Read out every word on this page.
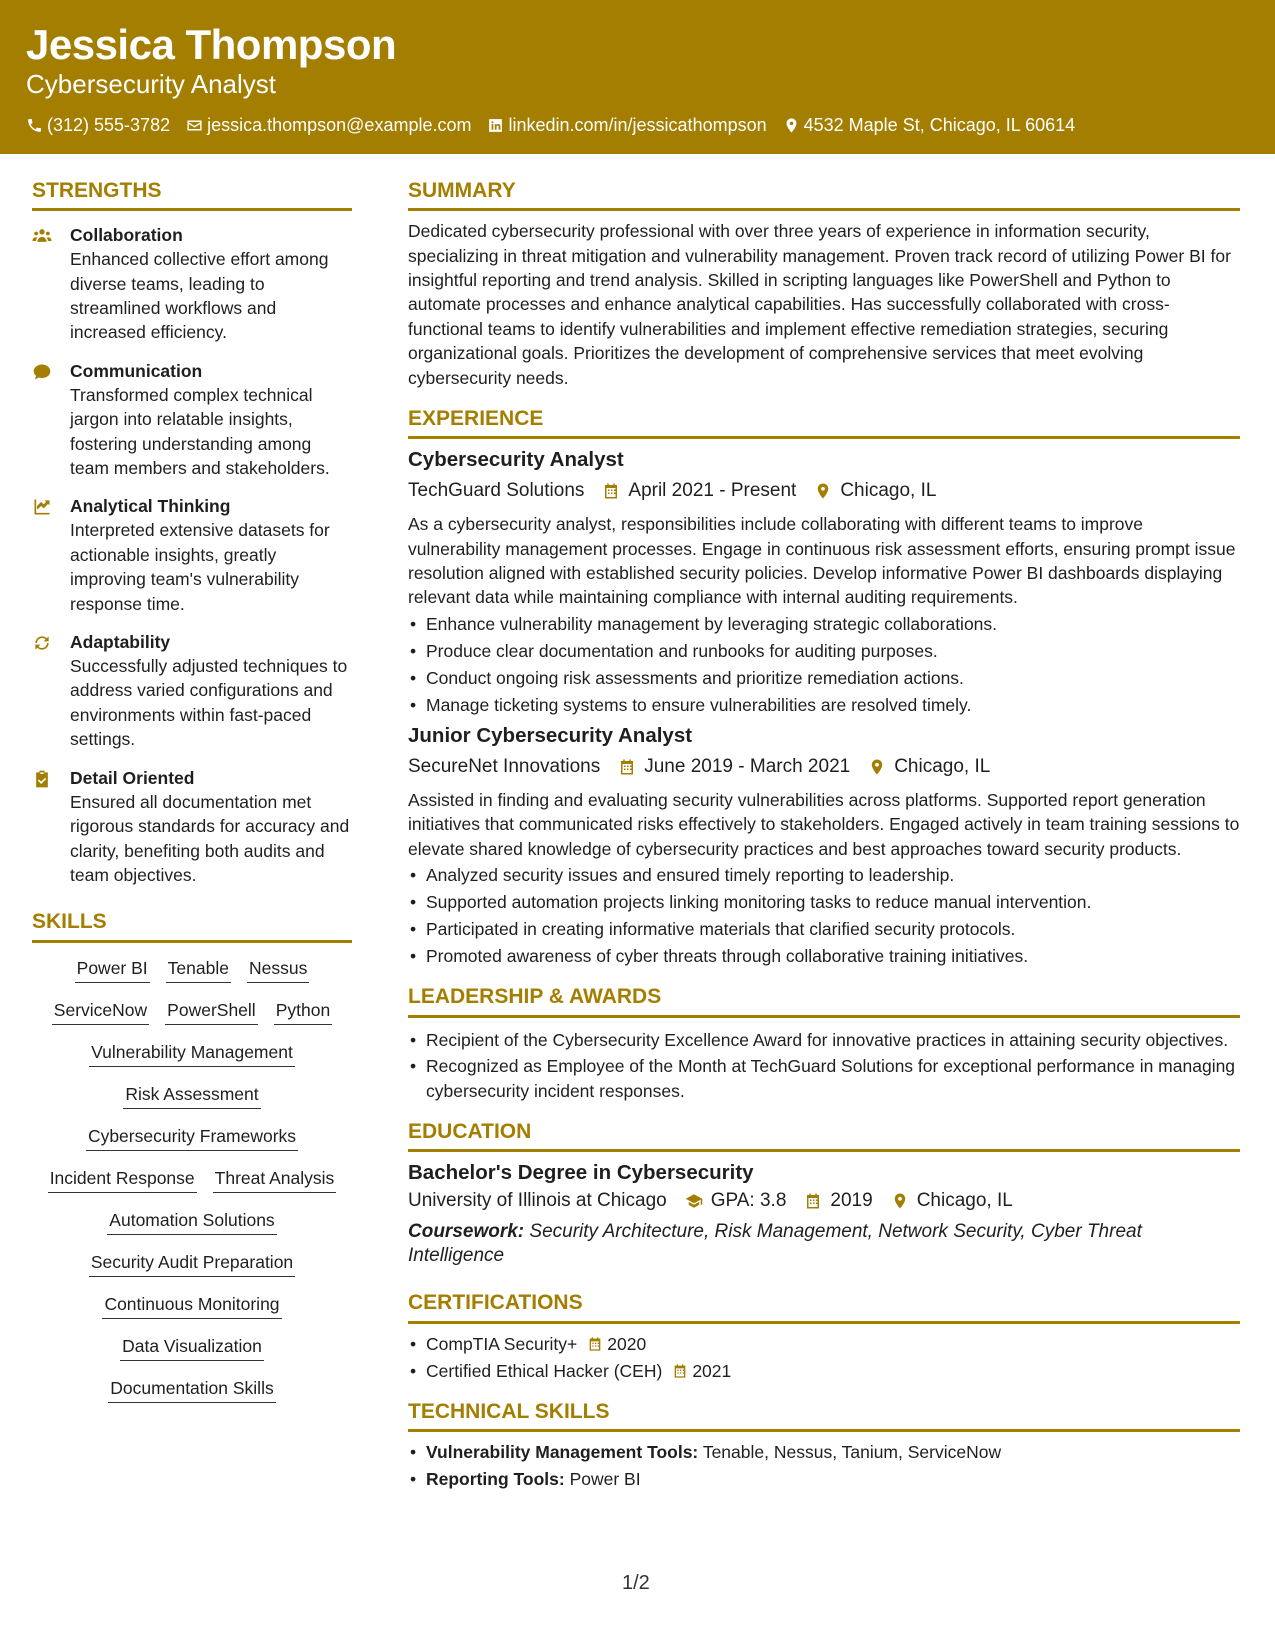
Jessica Thompson
Cybersecurity Analyst
(312) 555-3782 jessica.thompson@example.com linkedin.com/in/jessicathompson 4532 Maple St, Chicago, IL 60614
STRENGTHS
Collaboration
Enhanced collective effort among diverse teams, leading to streamlined workflows and increased efficiency.
Communication
Transformed complex technical jargon into relatable insights, fostering understanding among team members and stakeholders.
Analytical Thinking
Interpreted extensive datasets for actionable insights, greatly improving team's vulnerability response time.
Adaptability
Successfully adjusted techniques to address varied configurations and environments within fast-paced settings.
Detail Oriented
Ensured all documentation met rigorous standards for accuracy and clarity, benefiting both audits and team objectives.
SKILLS
Power BI Tenable Nessus
ServiceNow PowerShell Python
Vulnerability Management
Risk Assessment
Cybersecurity Frameworks
Incident Response Threat Analysis
Automation Solutions
Security Audit Preparation
Continuous Monitoring
Data Visualization
Documentation Skills
SUMMARY
Dedicated cybersecurity professional with over three years of experience in information security, specializing in threat mitigation and vulnerability management. Proven track record of utilizing Power BI for insightful reporting and trend analysis. Skilled in scripting languages like PowerShell and Python to automate processes and enhance analytical capabilities. Has successfully collaborated with cross-functional teams to identify vulnerabilities and implement effective remediation strategies, securing organizational goals. Prioritizes the development of comprehensive services that meet evolving cybersecurity needs.
EXPERIENCE
Cybersecurity Analyst
TechGuard Solutions April 2021 - Present Chicago, IL
As a cybersecurity analyst, responsibilities include collaborating with different teams to improve vulnerability management processes. Engage in continuous risk assessment efforts, ensuring prompt issue resolution aligned with established security policies. Develop informative Power BI dashboards displaying relevant data while maintaining compliance with internal auditing requirements.
• Enhance vulnerability management by leveraging strategic collaborations.
• Produce clear documentation and runbooks for auditing purposes.
• Conduct ongoing risk assessments and prioritize remediation actions.
• Manage ticketing systems to ensure vulnerabilities are resolved timely.
Junior Cybersecurity Analyst
SecureNet Innovations June 2019 - March 2021 Chicago, IL
Assisted in finding and evaluating security vulnerabilities across platforms. Supported report generation initiatives that communicated risks effectively to stakeholders. Engaged actively in team training sessions to elevate shared knowledge of cybersecurity practices and best approaches toward security products.
• Analyzed security issues and ensured timely reporting to leadership.
• Supported automation projects linking monitoring tasks to reduce manual intervention.
• Participated in creating informative materials that clarified security protocols.
• Promoted awareness of cyber threats through collaborative training initiatives.
LEADERSHIP & AWARDS
• Recipient of the Cybersecurity Excellence Award for innovative practices in attaining security objectives.
• Recognized as Employee of the Month at TechGuard Solutions for exceptional performance in managing cybersecurity incident responses.
EDUCATION
Bachelor's Degree in Cybersecurity
University of Illinois at Chicago GPA: 3.8 2019 Chicago, IL
Coursework: Security Architecture, Risk Management, Network Security, Cyber Threat Intelligence
CERTIFICATIONS
• CompTIA Security+ 2020
• Certified Ethical Hacker (CEH) 2021
TECHNICAL SKILLS
• Vulnerability Management Tools: Tenable, Nessus, Tanium, ServiceNow
• Reporting Tools: Power BI
1/2
